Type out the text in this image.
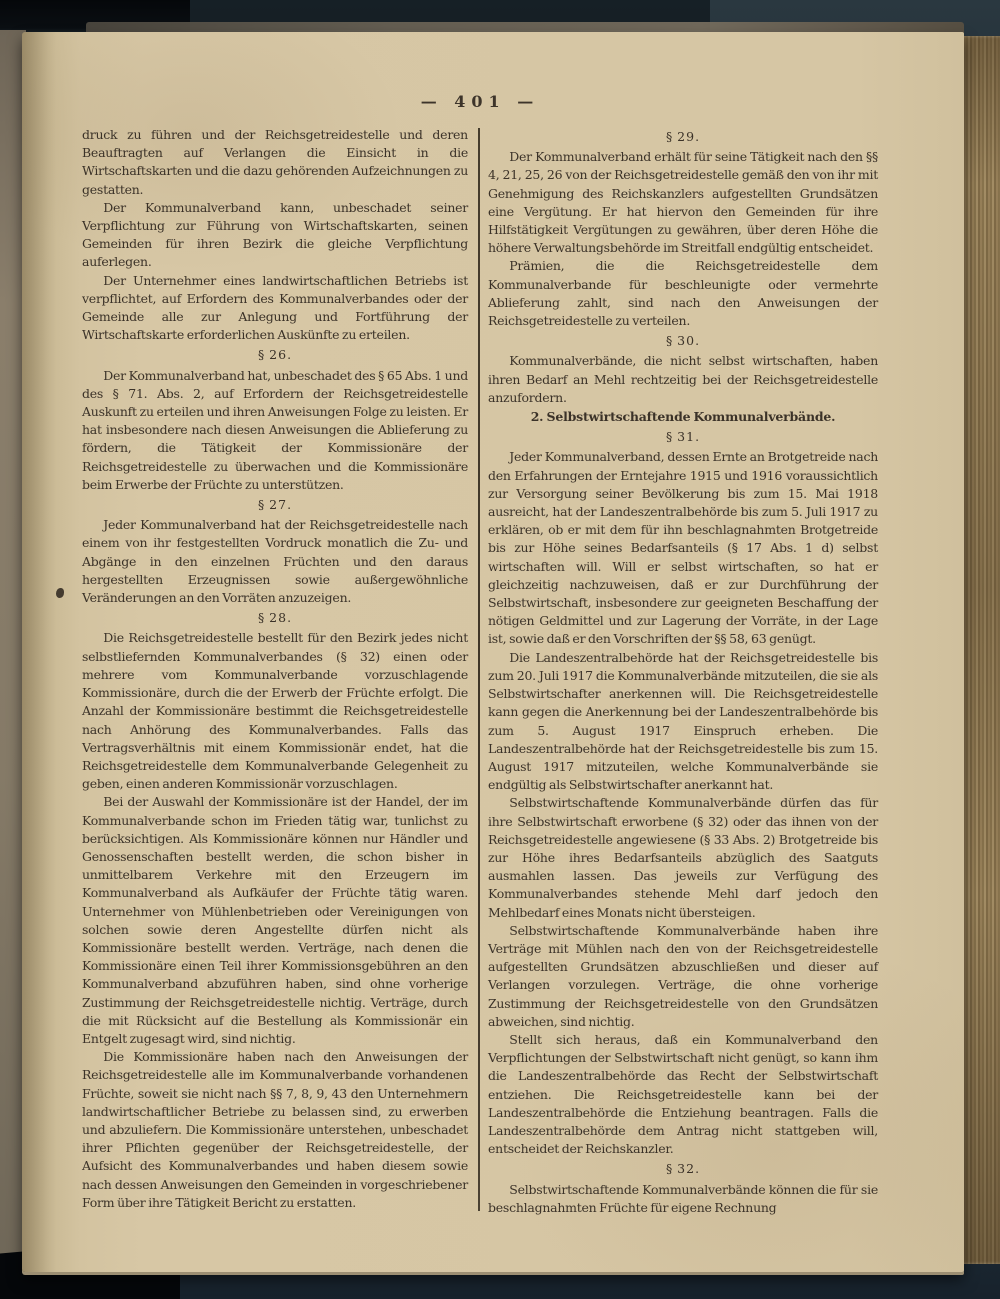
— 401 —
druck zu führen und der Reichsgetreidestelle und deren Beauftragten auf Verlangen die Einsicht in die Wirtschaftskarten und die dazu gehörenden Aufzeichnungen zu gestatten.
Der Kommunalverband kann, unbeschadet seiner Verpflichtung zur Führung von Wirtschaftskarten, seinen Gemeinden für ihren Bezirk die gleiche Verpflichtung auferlegen.
Der Unternehmer eines landwirtschaftlichen Betriebs ist verpflichtet, auf Erfordern des Kommunalverbandes oder der Gemeinde alle zur Anlegung und Fortführung der Wirtschaftskarte erforderlichen Auskünfte zu erteilen.
§ 26.
Der Kommunalverband hat, unbeschadet des § 65 Abs. 1 und des § 71. Abs. 2, auf Erfordern der Reichsgetreidestelle Auskunft zu erteilen und ihren Anweisungen Folge zu leisten. Er hat insbesondere nach diesen Anweisungen die Ablieferung zu fördern, die Tätigkeit der Kommissionäre der Reichsgetreidestelle zu überwachen und die Kommissionäre beim Erwerbe der Früchte zu unterstützen.
§ 27.
Jeder Kommunalverband hat der Reichsgetreidestelle nach einem von ihr festgestellten Vordruck monatlich die Zu- und Abgänge in den einzelnen Früchten und den daraus hergestellten Erzeugnissen sowie außergewöhnliche Veränderungen an den Vorräten anzuzeigen.
§ 28.
Die Reichsgetreidestelle bestellt für den Bezirk jedes nicht selbstliefernden Kommunalverbandes (§ 32) einen oder mehrere vom Kommunalverbande vorzuschlagende Kommissionäre, durch die der Erwerb der Früchte erfolgt. Die Anzahl der Kommissionäre bestimmt die Reichsgetreidestelle nach Anhörung des Kommunalverbandes. Falls das Vertragsverhältnis mit einem Kommissionär endet, hat die Reichsgetreidestelle dem Kommunalverbande Gelegenheit zu geben, einen anderen Kommissionär vorzuschlagen.
Bei der Auswahl der Kommissionäre ist der Handel, der im Kommunalverbande schon im Frieden tätig war, tunlichst zu berücksichtigen. Als Kommissionäre können nur Händler und Genossenschaften bestellt werden, die schon bisher in unmittelbarem Verkehre mit den Erzeugern im Kommunalverband als Aufkäufer der Früchte tätig waren. Unternehmer von Mühlenbetrieben oder Vereinigungen von solchen sowie deren Angestellte dürfen nicht als Kommissionäre bestellt werden. Verträge, nach denen die Kommissionäre einen Teil ihrer Kommissionsgebühren an den Kommunalverband abzuführen haben, sind ohne vorherige Zustimmung der Reichsgetreidestelle nichtig. Verträge, durch die mit Rücksicht auf die Bestellung als Kommissionär ein Entgelt zugesagt wird, sind nichtig.
Die Kommissionäre haben nach den Anweisungen der Reichsgetreidestelle alle im Kommunalverbande vorhandenen Früchte, soweit sie nicht nach §§ 7, 8, 9, 43 den Unternehmern landwirtschaftlicher Betriebe zu belassen sind, zu erwerben und abzuliefern. Die Kommissionäre unterstehen, unbeschadet ihrer Pflichten gegenüber der Reichsgetreidestelle, der Aufsicht des Kommunalverbandes und haben diesem sowie nach dessen Anweisungen den Gemeinden in vorgeschriebener Form über ihre Tätigkeit Bericht zu erstatten.
§ 29.
Der Kommunalverband erhält für seine Tätigkeit nach den §§ 4, 21, 25, 26 von der Reichsgetreidestelle gemäß den von ihr mit Genehmigung des Reichskanzlers aufgestellten Grundsätzen eine Vergütung. Er hat hiervon den Gemeinden für ihre Hilfstätigkeit Vergütungen zu gewähren, über deren Höhe die höhere Verwaltungsbehörde im Streitfall endgültig entscheidet.
Prämien, die die Reichsgetreidestelle dem Kommunalverbande für beschleunigte oder vermehrte Ablieferung zahlt, sind nach den Anweisungen der Reichsgetreidestelle zu verteilen.
§ 30.
Kommunalverbände, die nicht selbst wirtschaften, haben ihren Bedarf an Mehl rechtzeitig bei der Reichsgetreidestelle anzufordern.
2. Selbstwirtschaftende Kommunalverbände.
§ 31.
Jeder Kommunalverband, dessen Ernte an Brotgetreide nach den Erfahrungen der Erntejahre 1915 und 1916 voraussichtlich zur Versorgung seiner Bevölkerung bis zum 15. Mai 1918 ausreicht, hat der Landeszentralbehörde bis zum 5. Juli 1917 zu erklären, ob er mit dem für ihn beschlagnahmten Brotgetreide bis zur Höhe seines Bedarfsanteils (§ 17 Abs. 1 d) selbst wirtschaften will. Will er selbst wirtschaften, so hat er gleichzeitig nachzuweisen, daß er zur Durchführung der Selbstwirtschaft, insbesondere zur geeigneten Beschaffung der nötigen Geldmittel und zur Lagerung der Vorräte, in der Lage ist, sowie daß er den Vorschriften der §§ 58, 63 genügt.
Die Landeszentralbehörde hat der Reichsgetreidestelle bis zum 20. Juli 1917 die Kommunalverbände mitzuteilen, die sie als Selbstwirtschafter anerkennen will. Die Reichsgetreidestelle kann gegen die Anerkennung bei der Landeszentralbehörde bis zum 5. August 1917 Einspruch erheben. Die Landeszentralbehörde hat der Reichsgetreidestelle bis zum 15. August 1917 mitzuteilen, welche Kommunalverbände sie endgültig als Selbstwirtschafter anerkannt hat.
Selbstwirtschaftende Kommunalverbände dürfen das für ihre Selbstwirtschaft erworbene (§ 32) oder das ihnen von der Reichsgetreidestelle angewiesene (§ 33 Abs. 2) Brotgetreide bis zur Höhe ihres Bedarfsanteils abzüglich des Saatguts ausmahlen lassen. Das jeweils zur Verfügung des Kommunalverbandes stehende Mehl darf jedoch den Mehlbedarf eines Monats nicht übersteigen.
Selbstwirtschaftende Kommunalverbände haben ihre Verträge mit Mühlen nach den von der Reichsgetreidestelle aufgestellten Grundsätzen abzuschließen und dieser auf Verlangen vorzulegen. Verträge, die ohne vorherige Zustimmung der Reichsgetreidestelle von den Grundsätzen abweichen, sind nichtig.
Stellt sich heraus, daß ein Kommunalverband den Verpflichtungen der Selbstwirtschaft nicht genügt, so kann ihm die Landeszentralbehörde das Recht der Selbstwirtschaft entziehen. Die Reichsgetreidestelle kann bei der Landeszentralbehörde die Entziehung beantragen. Falls die Landeszentralbehörde dem Antrag nicht stattgeben will, entscheidet der Reichskanzler.
§ 32.
Selbstwirtschaftende Kommunalverbände können die für sie beschlagnahmten Früchte für eigene Rechnung
